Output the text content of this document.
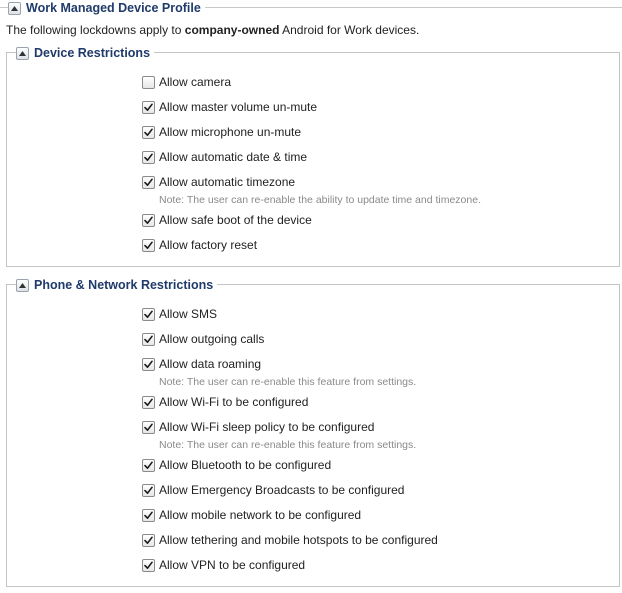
Work Managed Device Profile
The following lockdowns apply to company-owned Android for Work devices.
Device Restrictions
Allow camera
Allow master volume un-mute
Allow microphone un-mute
Allow automatic date & time
Allow automatic timezone
Note: The user can re-enable the ability to update time and timezone.
Allow safe boot of the device
Allow factory reset
Phone & Network Restrictions
Allow SMS
Allow outgoing calls
Allow data roaming
Note: The user can re-enable this feature from settings.
Allow Wi-Fi to be configured
Allow Wi-Fi sleep policy to be configured
Note: The user can re-enable this feature from settings.
Allow Bluetooth to be configured
Allow Emergency Broadcasts to be configured
Allow mobile network to be configured
Allow tethering and mobile hotspots to be configured
Allow VPN to be configured
